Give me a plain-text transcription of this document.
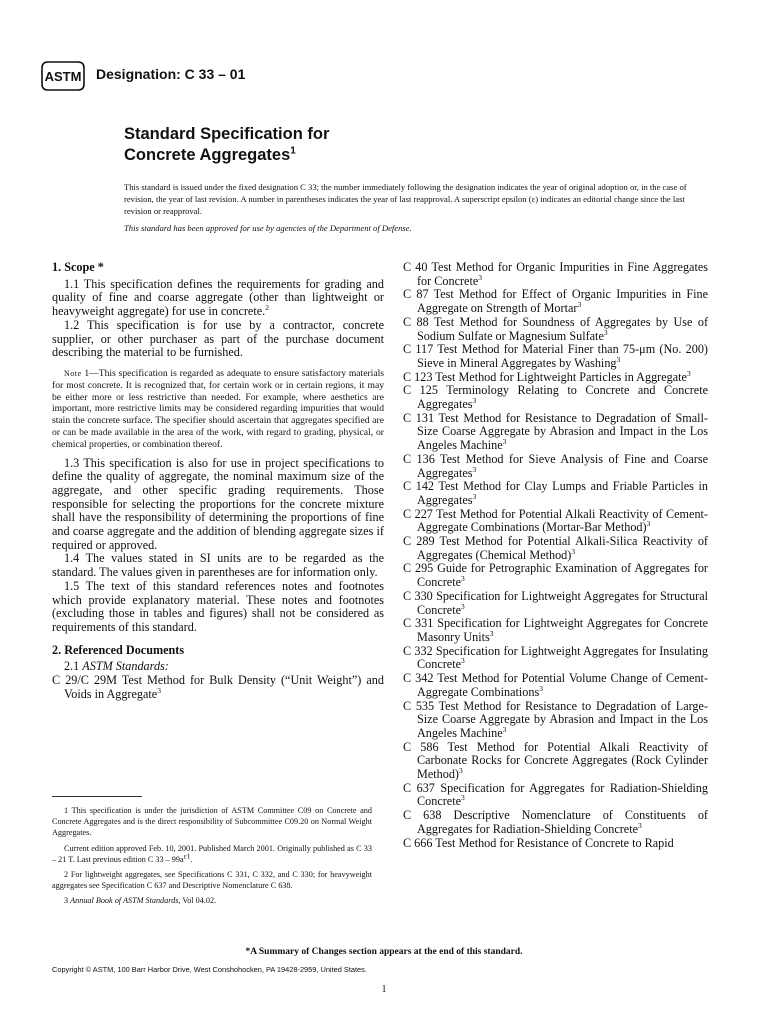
ASTM Designation: C 33 – 01
Standard Specification for
Concrete Aggregates$^1$
This standard is issued under the fixed designation C 33; the number immediately following the designation indicates the year of original adoption or, in the case of revision, the year of last revision. A number in parentheses indicates the year of last reapproval. A superscript epsilon (ε) indicates an editorial change since the last revision or reapproval.
This standard has been approved for use by agencies of the Department of Defense.
1. Scope *

1.1 This specification defines the requirements for grading and quality of fine and coarse aggregate (other than lightweight or heavyweight aggregate) for use in concrete.$^2$

1.2 This specification is for use by a contractor, concrete supplier, or other purchaser as part of the purchase document describing the material to be furnished.

Note 1—This specification is regarded as adequate to ensure satisfactory materials for most concrete. It is recognized that, for certain work or in certain regions, it may be either more or less restrictive than needed. For example, where aesthetics are important, more restrictive limits may be considered regarding impurities that would stain the concrete surface. The specifier should ascertain that aggregates specified are or can be made available in the area of the work, with regard to grading, physical, or chemical properties, or combination thereof.

1.3 This specification is also for use in project specifications to define the quality of aggregate, the nominal maximum size of the aggregate, and other specific grading requirements. Those responsible for selecting the proportions for the concrete mixture shall have the responsibility of determining the proportions of fine and coarse aggregate and the addition of blending aggregate sizes if required or approved.

1.4 The values stated in SI units are to be regarded as the standard. The values given in parentheses are for information only.

1.5 The text of this standard references notes and footnotes which provide explanatory material. These notes and footnotes (excluding those in tables and figures) shall not be considered as requirements of this standard.

2. Referenced Documents

2.1 ASTM Standards:

C 29/C 29M Test Method for Bulk Density (“Unit Weight”) and Voids in Aggregate$^3$

C 40 Test Method for Organic Impurities in Fine Aggregates for Concrete$^3$

C 87 Test Method for Effect of Organic Impurities in Fine Aggregate on Strength of Mortar$^3$

C 88 Test Method for Soundness of Aggregates by Use of Sodium Sulfate or Magnesium Sulfate$^3$

C 117 Test Method for Material Finer than 75-μm (No. 200) Sieve in Mineral Aggregates by Washing$^3$

C 123 Test Method for Lightweight Particles in Aggregate$^3$

C 125 Terminology Relating to Concrete and Concrete Aggregates$^3$

C 131 Test Method for Resistance to Degradation of Small-Size Coarse Aggregate by Abrasion and Impact in the Los Angeles Machine$^3$

C 136 Test Method for Sieve Analysis of Fine and Coarse Aggregates$^3$

C 142 Test Method for Clay Lumps and Friable Particles in Aggregates$^3$

C 227 Test Method for Potential Alkali Reactivity of Cement-Aggregate Combinations (Mortar-Bar Method)$^3$

C 289 Test Method for Potential Alkali-Silica Reactivity of Aggregates (Chemical Method)$^3$

C 295 Guide for Petrographic Examination of Aggregates for Concrete$^3$

C 330 Specification for Lightweight Aggregates for Structural Concrete$^3$

C 331 Specification for Lightweight Aggregates for Concrete Masonry Units$^3$

C 332 Specification for Lightweight Aggregates for Insulating Concrete$^3$

C 342 Test Method for Potential Volume Change of Cement-Aggregate Combinations$^3$

C 535 Test Method for Resistance to Degradation of Large-Size Coarse Aggregate by Abrasion and Impact in the Los Angeles Machine$^3$

C 586 Test Method for Potential Alkali Reactivity of Carbonate Rocks for Concrete Aggregates (Rock Cylinder Method)$^3$

C 637 Specification for Aggregates for Radiation-Shielding Concrete$^3$

C 638 Descriptive Nomenclature of Constituents of Aggregates for Radiation-Shielding Concrete$^3$

C 666 Test Method for Resistance of Concrete to Rapid

1 This specification is under the jurisdiction of ASTM Committee C09 on Concrete and Concrete Aggregates and is the direct responsibility of Subcommittee C09.20 on Normal Weight Aggregates.

Current edition approved Feb. 10, 2001. Published March 2001. Originally published as C 33 – 21 T. Last previous edition C $33 - 99a^{\varepsilon 1}$.

2 For lightweight aggregates, see Specifications C 331, C 332, and C 330; for heavyweight aggregates see Specification C 637 and Descriptive Nomenclature C 638.

3 Annual Book of ASTM Standards, Vol 04.02.

*A Summary of Changes section appears at the end of this standard.
Copyright © ASTM, 100 Barr Harbor Drive, West Conshohocken, PA 19428-2959, United States.
1
